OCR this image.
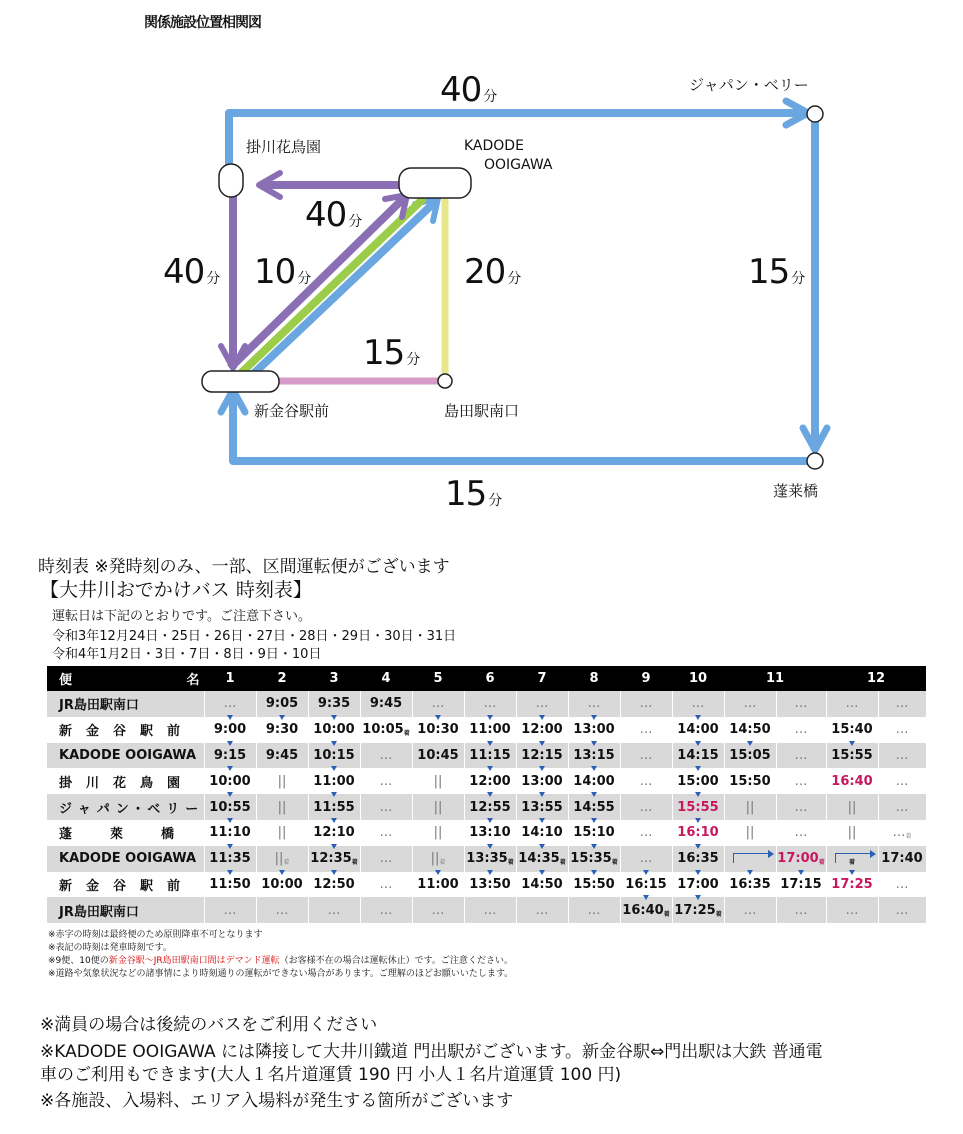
関係施設位置相関図
ジャパン・ベリー
掛川花鳥園	KADODE
OOIGAWA
新金谷駅前	島田駅南口
蓬莱橋
40 分
40 分
40 分
10 分	20 分
15 分
15 分
15 分
時刻表 ※発時刻のみ、一部、区間運転便がございます
【大井川おでかけバス 時刻表】
運転日は下記のとおりです。ご注意下さい。
令和3年12月24日・25日・26日・27日・28日・29日・30日・31日
令和4年1月2日・3日・7日・8日・9日・10日
便 名	1	2	3	4	5	6	7	8	9	10	11		12	
JR島田駅南口	…	9:05	9:35	9:45	…	…	…	…	…	…	…	…	…	…
新金谷駅前	9:00	9:30	10:00	10:05着	10:30	11:00	12:00	13:00	…	14:00	14:50	…	15:40	…
KADODE OOIGAWA	9:15	9:45	10:15	…	10:45	11:15	12:15	13:15	…	14:15	15:05	…	15:55	…
掛川花鳥園	10:00	||	11:00	…	||	12:00	13:00	14:00	…	15:00	15:50	…	16:40	…
ジャパン･ベリー	10:55	||	11:55	…	||	12:55	13:55	14:55	…	15:55	||	…	||	…
蓬萊橋	11:10	||	12:10	…	||	13:10	14:10	15:10	…	16:10	||	…	||	…着
KADODE OOIGAWA	11:35	||着	12:35着	…	||着	13:35着	14:35着	15:35着	…	16:35		17:00着	着	17:40
新金谷駅前	11:50	10:00	12:50	…	11:00	13:50	14:50	15:50	16:15	17:00	16:35	17:15	17:25	…
JR島田駅南口	…	…	…	…	…	…	…	…	16:40着	17:25着	…	…	…	…
※赤字の時刻は最終便のため原則降車不可となります
※表記の時刻は発車時刻です。
※9便、10便の新金谷駅～JR島田駅南口間はデマンド運転（お客様不在の場合は運転休止）です。ご注意ください。
※道路や気象状況などの諸事情により時刻通りの運転ができない場合があります。ご理解のほどお願いいたします。
※満員の場合は後続のバスをご利用ください
※KADODE OOIGAWA には隣接して大井川鐵道 門出駅がございます。新金谷駅⇔門出駅は大鉄 普通電
車のご利用もできます(大人１名片道運賃 190 円 小人１名片道運賃 100 円)
※各施設、入場料、エリア入場料が発生する箇所がございます
